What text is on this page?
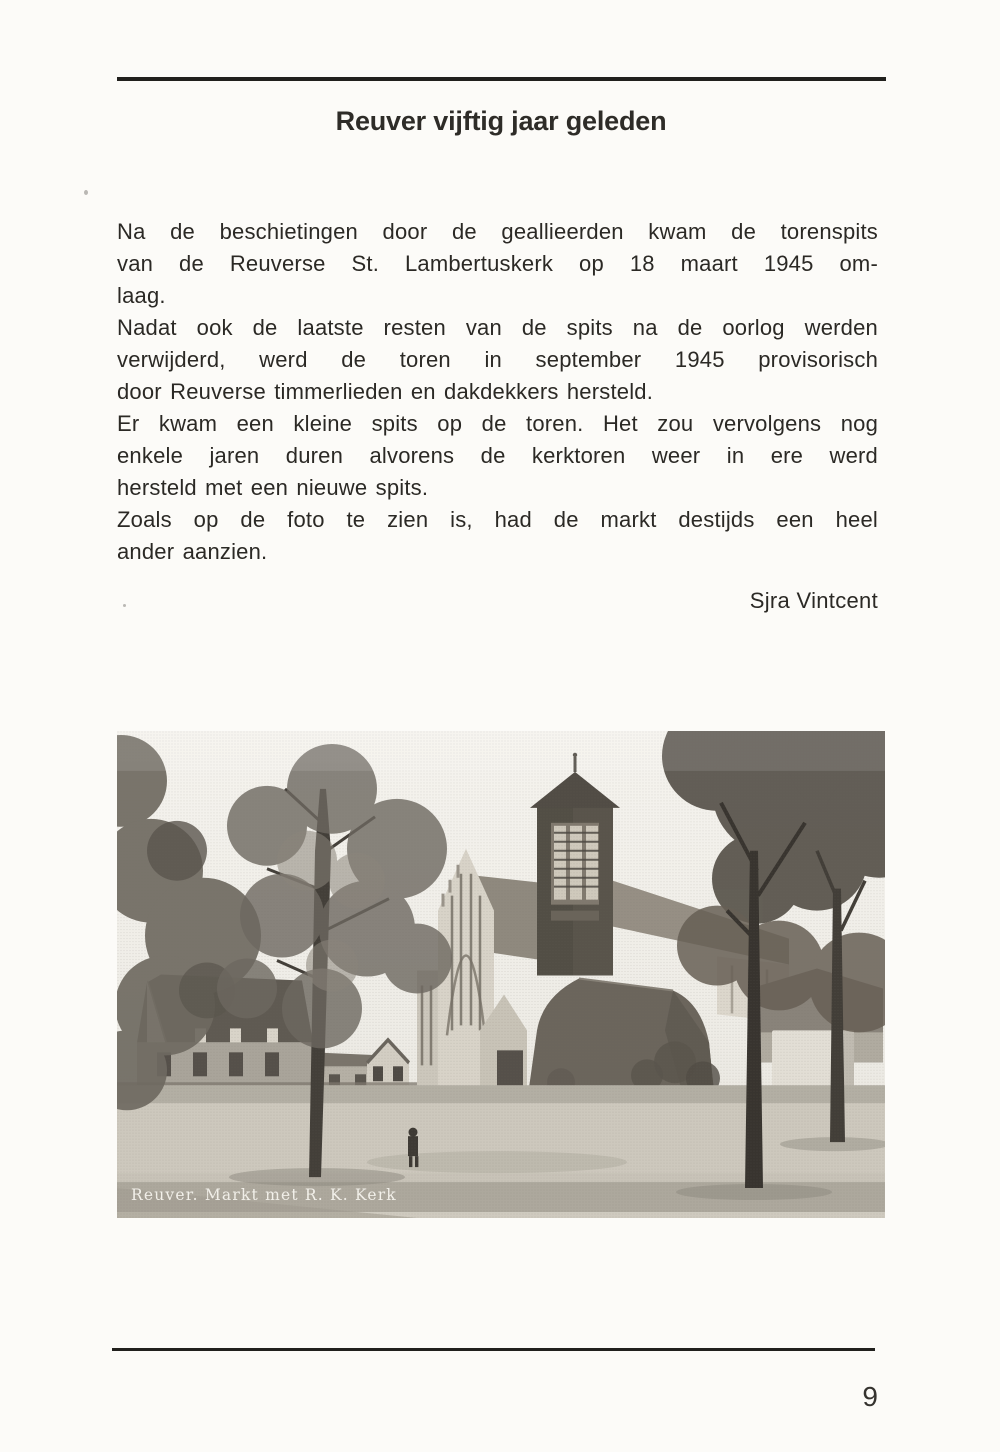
Reuver vijftig jaar geleden
Na de beschietingen door de geallieerden kwam de torenspits
van de Reuverse St. Lambertuskerk op 18 maart 1945 om-
laag.
Nadat ook de laatste resten van de spits na de oorlog werden
verwijderd, werd de toren in september 1945 provisorisch
door Reuverse timmerlieden en dakdekkers hersteld.
Er kwam een kleine spits op de toren. Het zou vervolgens nog
enkele jaren duren alvorens de kerktoren weer in ere werd
hersteld met een nieuwe spits.
Zoals op de foto te zien is, had de markt destijds een heel
ander aanzien.
Sjra Vintcent
Reuver. Markt met R. K. Kerk
9
